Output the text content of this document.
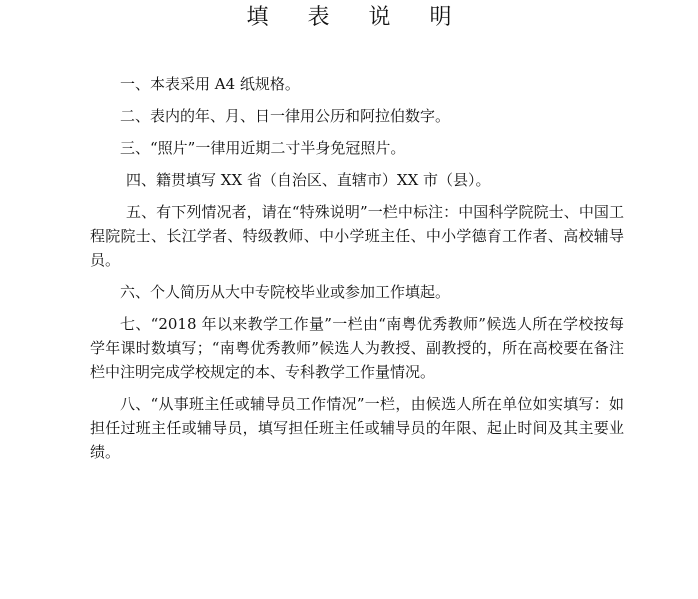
填 表 说 明

一、本表采用 A4 纸规格。

二、表内的年、月、日一律用公历和阿拉伯数字。

三、“照片”一律用近期二寸半身免冠照片。

四、籍贯填写 XX 省（自治区、直辖市）XX 市（县）。

五、有下列情况者，请在“特殊说明”一栏中标注：中国科学院院士、中国工程院院士、长江学者、特级教师、中小学班主任、中小学德育工作者、高校辅导员。

六、个人简历从大中专院校毕业或参加工作填起。

七、“2018 年以来教学工作量”一栏由“南粤优秀教师”候选人所在学校按每学年课时数填写；“南粤优秀教师”候选人为教授、副教授的，所在高校要在备注栏中注明完成学校规定的本、专科教学工作量情况。

八、“从事班主任或辅导员工作情况”一栏，由候选人所在单位如实填写：如担任过班主任或辅导员，填写担任班主任或辅导员的年限、起止时间及其主要业绩。
